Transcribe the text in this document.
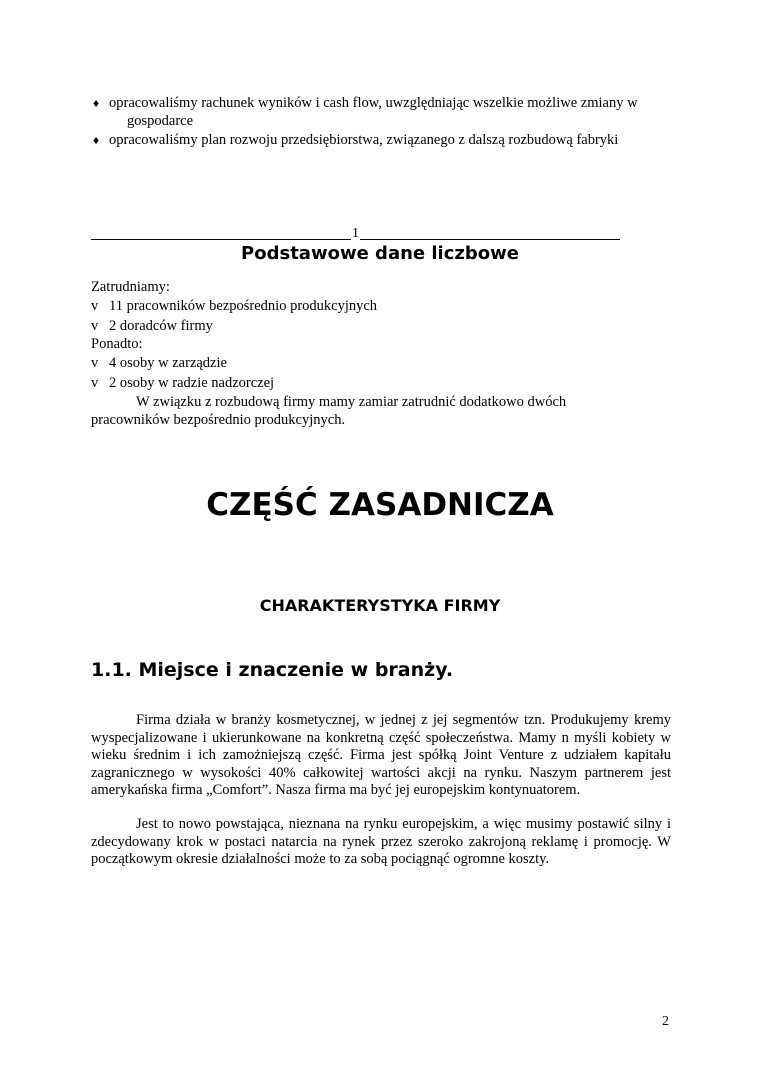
♦ opracowaliśmy rachunek wyników i cash flow, uwzględniając wszelkie możliwe zmiany w
gospodarce
♦ opracowaliśmy plan rozwoju przedsiębiorstwa, związanego z dalszą rozbudową fabryki
1
Podstawowe dane liczbowe
Zatrudniamy:
v 11 pracowników bezpośrednio produkcyjnych
v 2 doradców firmy
Ponadto:
v 4 osoby w zarządzie
v 2 osoby w radzie nadzorczej
W związku z rozbudową firmy mamy zamiar zatrudnić dodatkowo dwóch pracowników bezpośrednio produkcyjnych.
CZĘŚĆ ZASADNICZA
CHARAKTERYSTYKA FIRMY
1.1. Miejsce i znaczenie w branży.
Firma działa w branży kosmetycznej, w jednej z jej segmentów tzn. Produkujemy kremy wyspecjalizowane i ukierunkowane na konkretną część społeczeństwa. Mamy n myśli kobiety w wieku średnim i ich zamożniejszą część. Firma jest spółką Joint Venture z udziałem kapitału zagranicznego w wysokości 40% całkowitej wartości akcji na rynku. Naszym partnerem jest amerykańska firma „Comfort”. Nasza firma ma być jej europejskim kontynuatorem.
Jest to nowo powstająca, nieznana na rynku europejskim, a więc musimy postawić silny i zdecydowany krok w postaci natarcia na rynek przez szeroko zakrojoną reklamę i promocję. W początkowym okresie działalności może to za sobą pociągnąć ogromne koszty.
2
